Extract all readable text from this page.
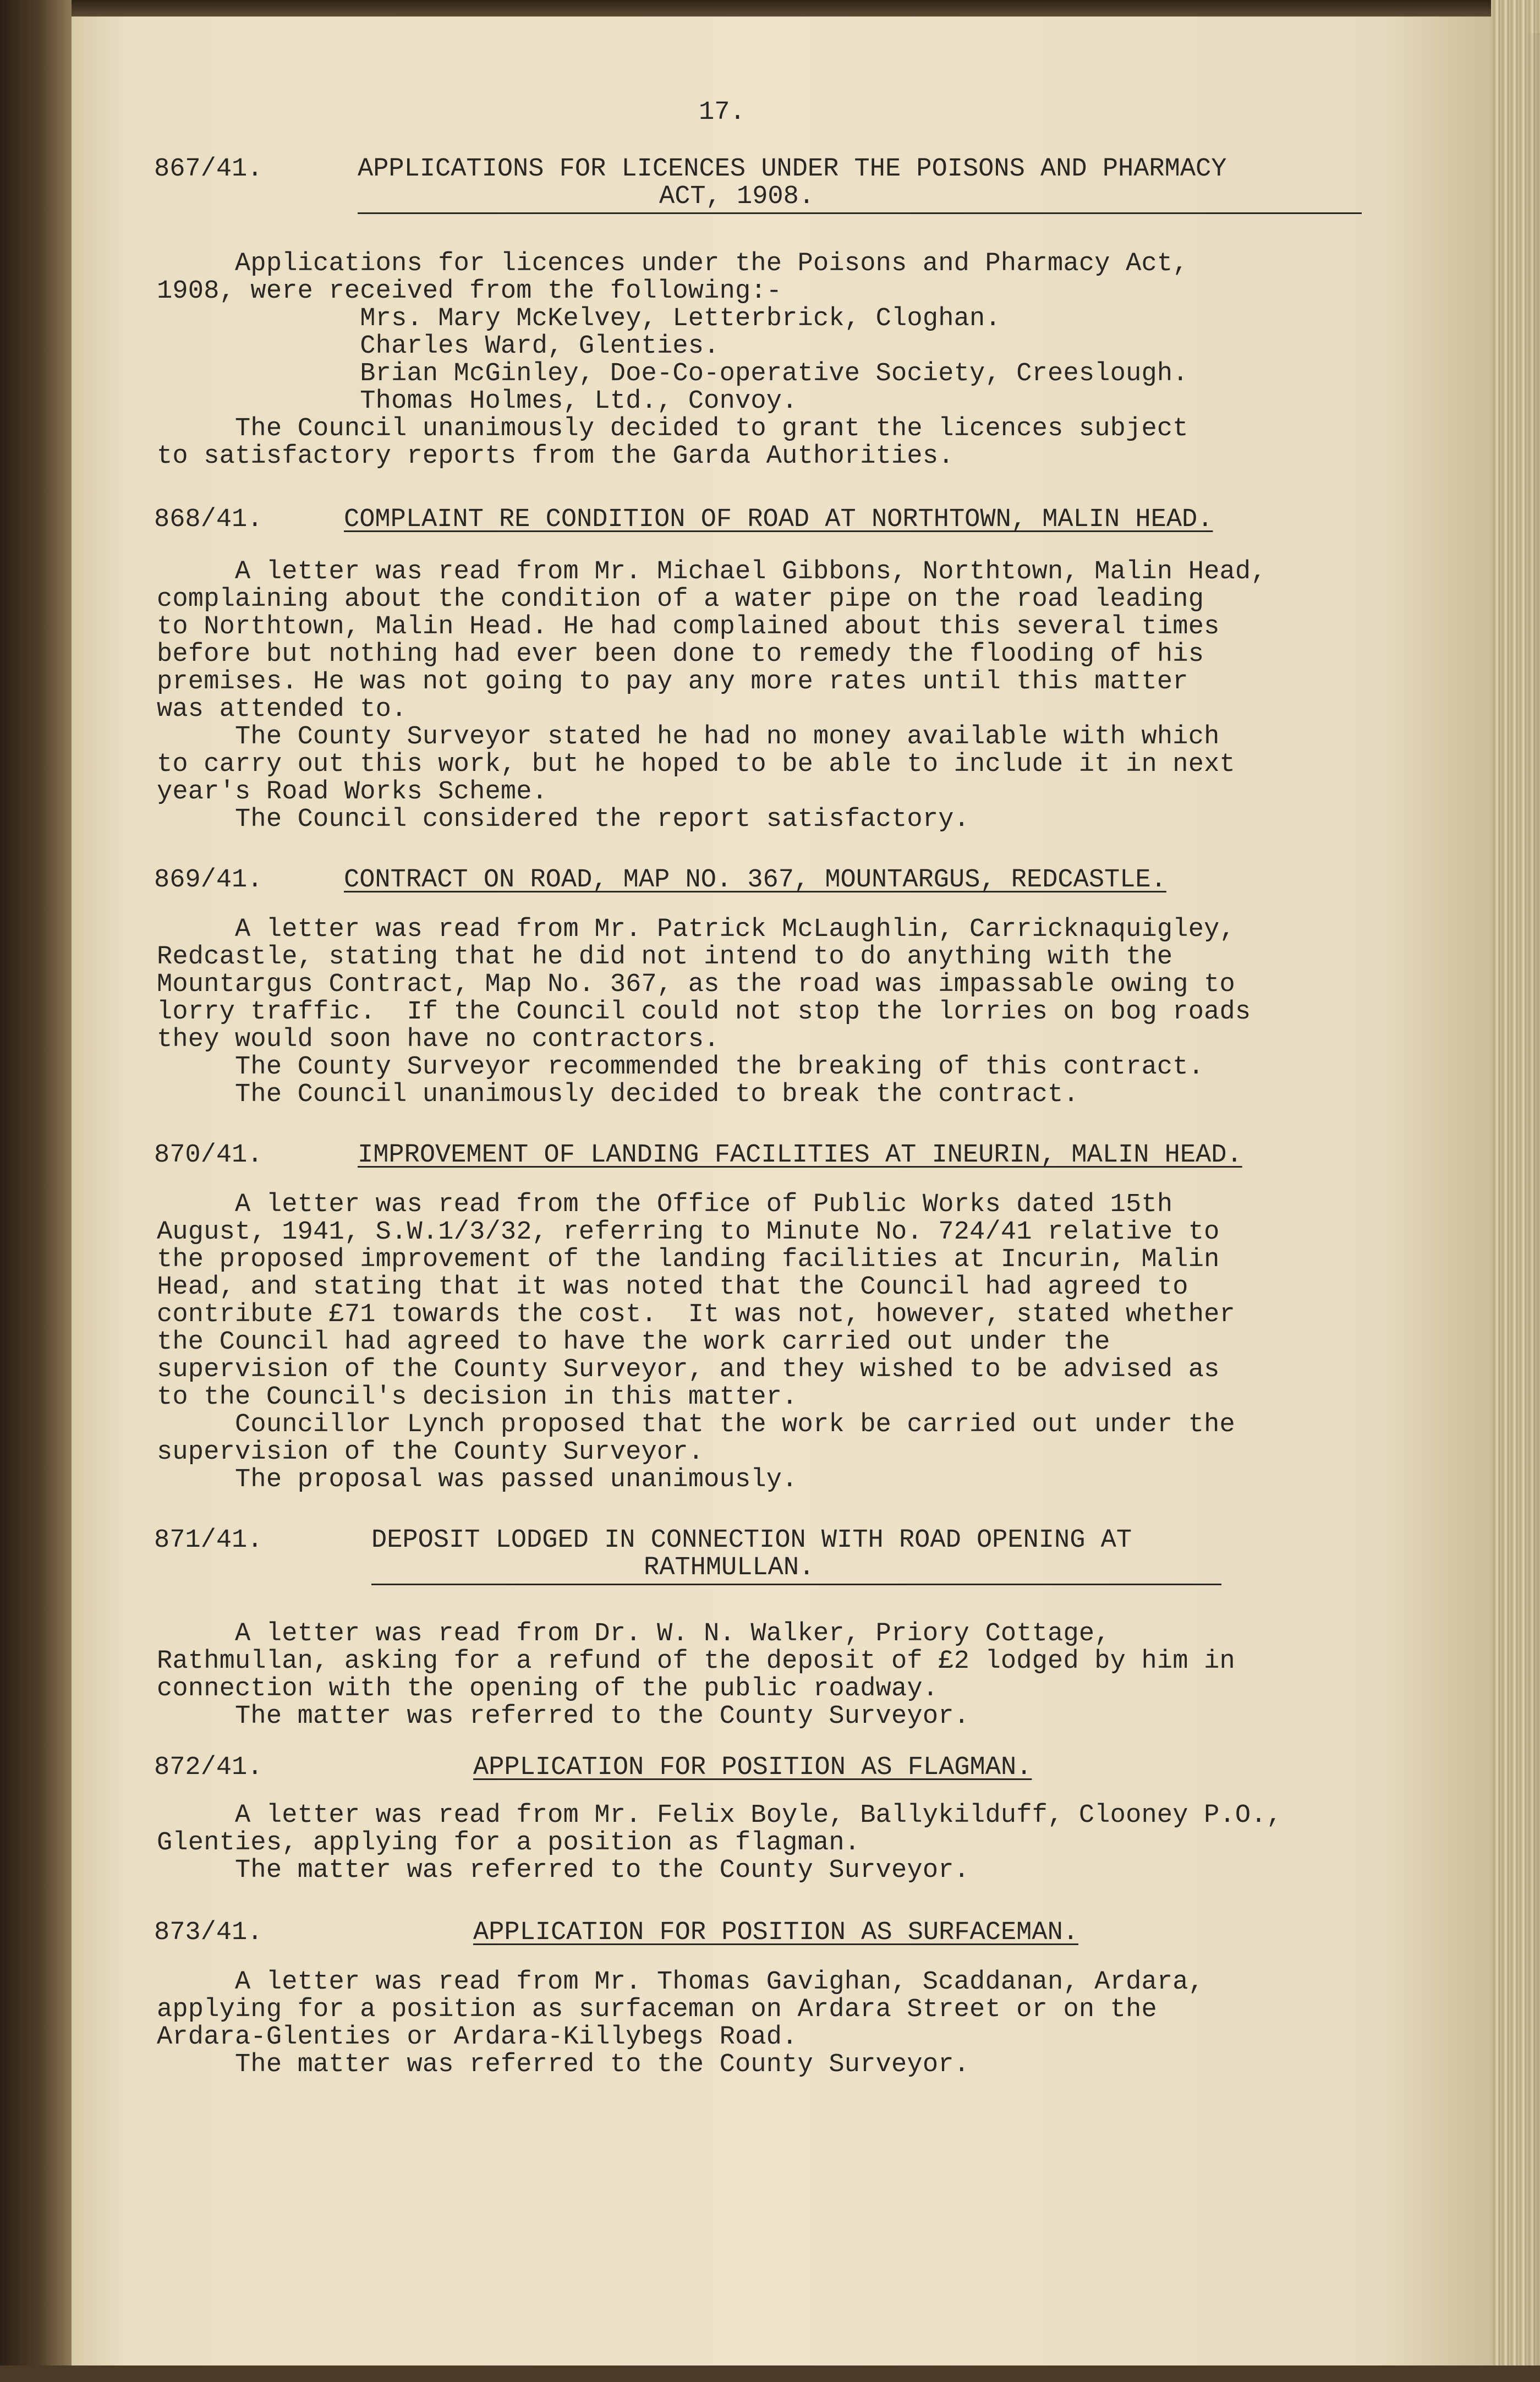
17.
867/41.	APPLICATIONS FOR LICENCES UNDER THE POISONS AND PHARMACY
ACT, 1908.
Applications for licences under the Poisons and Pharmacy Act,
1908, were received from the following:-
Mrs. Mary McKelvey, Letterbrick, Cloghan.
Charles Ward, Glenties.
Brian McGinley, Doe-Co-operative Society, Creeslough.
Thomas Holmes, Ltd., Convoy.
The Council unanimously decided to grant the licences subject
to satisfactory reports from the Garda Authorities.
868/41.	COMPLAINT RE CONDITION OF ROAD AT NORTHTOWN, MALIN HEAD.
A letter was read from Mr. Michael Gibbons, Northtown, Malin Head,
complaining about the condition of a water pipe on the road leading
to Northtown, Malin Head. He had complained about this several times
before but nothing had ever been done to remedy the flooding of his
premises. He was not going to pay any more rates until this matter
was attended to.
The County Surveyor stated he had no money available with which
to carry out this work, but he hoped to be able to include it in next
year's Road Works Scheme.
The Council considered the report satisfactory.
869/41.	CONTRACT ON ROAD, MAP NO. 367, MOUNTARGUS, REDCASTLE.
A letter was read from Mr. Patrick McLaughlin, Carricknaquigley,
Redcastle, stating that he did not intend to do anything with the
Mountargus Contract, Map No. 367, as the road was impassable owing to
lorry traffic.  If the Council could not stop the lorries on bog roads
they would soon have no contractors.
The County Surveyor recommended the breaking of this contract.
The Council unanimously decided to break the contract.
870/41.	IMPROVEMENT OF LANDING FACILITIES AT INEURIN, MALIN HEAD.
A letter was read from the Office of Public Works dated 15th
August, 1941, S.W.1/3/32, referring to Minute No. 724/41 relative to
the proposed improvement of the landing facilities at Incurin, Malin
Head, and stating that it was noted that the Council had agreed to
contribute £71 towards the cost.  It was not, however, stated whether
the Council had agreed to have the work carried out under the
supervision of the County Surveyor, and they wished to be advised as
to the Council's decision in this matter.
Councillor Lynch proposed that the work be carried out under the
supervision of the County Surveyor.
The proposal was passed unanimously.
871/41.	DEPOSIT LODGED IN CONNECTION WITH ROAD OPENING AT
RATHMULLAN.
A letter was read from Dr. W. N. Walker, Priory Cottage,
Rathmullan, asking for a refund of the deposit of £2 lodged by him in
connection with the opening of the public roadway.
The matter was referred to the County Surveyor.
872/41.	APPLICATION FOR POSITION AS FLAGMAN.
A letter was read from Mr. Felix Boyle, Ballykilduff, Clooney P.O.,
Glenties, applying for a position as flagman.
The matter was referred to the County Surveyor.
873/41.	APPLICATION FOR POSITION AS SURFACEMAN.
A letter was read from Mr. Thomas Gavighan, Scaddanan, Ardara,
applying for a position as surfaceman on Ardara Street or on the
Ardara-Glenties or Ardara-Killybegs Road.
The matter was referred to the County Surveyor.
